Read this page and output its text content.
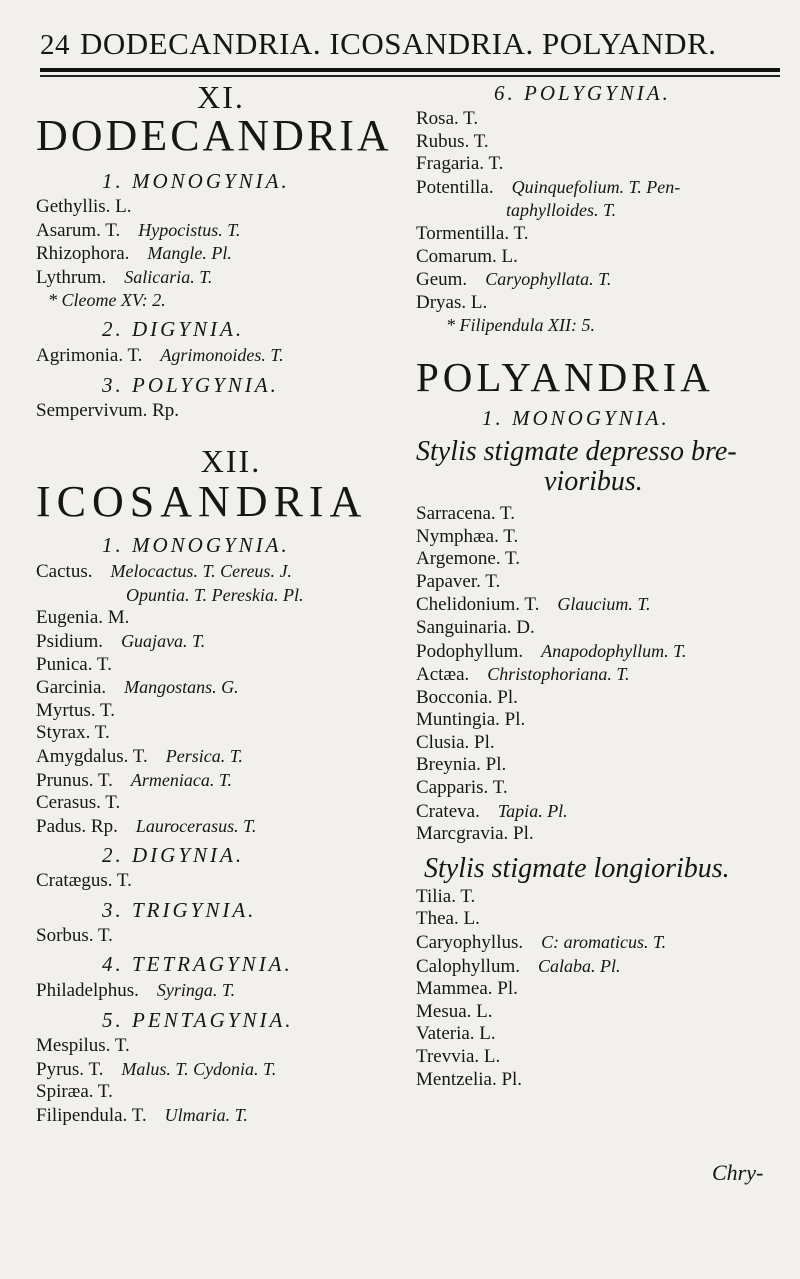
24 DODECANDRIA. ICOSANDRIA. POLYANDR.
XI.
DODECANDRIA
1. MONOGYNIA.
Gethyllis. L.
Asarum. T. Hypocistus. T.
Rhizophora. Mangle. Pl.
Lythrum. Salicaria. T.
* Cleome XV: 2.
2. DIGYNIA.
Agrimonia. T. Agrimonoides. T.
3. POLYGYNIA.
Sempervivum. Rp.
XII.
ICOSANDRIA
1. MONOGYNIA.
Cactus. Melocactus. T. Cereus. J.
Opuntia. T. Pereskia. Pl.
Eugenia. M.
Psidium. Guajava. T.
Punica. T.
Garcinia. Mangostans. G.
Myrtus. T.
Styrax. T.
Amygdalus. T. Persica. T.
Prunus. T. Armeniaca. T.
Cerasus. T.
Padus. Rp. Laurocerasus. T.
2. DIGYNIA.
Cratægus. T.
3. TRIGYNIA.
Sorbus. T.
4. TETRAGYNIA.
Philadelphus. Syringa. T.
5. PENTAGYNIA.
Mespilus. T.
Pyrus. T. Malus. T. Cydonia. T.
Spiræa. T.
Filipendula. T. Ulmaria. T.
6. POLYGYNIA.
Rosa. T.
Rubus. T.
Fragaria. T.
Potentilla. Quinquefolium. T. Pen-
taphylloides. T.
Tormentilla. T.
Comarum. L.
Geum. Caryophyllata. T.
Dryas. L.
* Filipendula XII: 5.
POLYANDRIA
1. MONOGYNIA.
Stylis stigmate depresso bre-
vioribus.
Sarracena. T.
Nymphæa. T.
Argemone. T.
Papaver. T.
Chelidonium. T. Glaucium. T.
Sanguinaria. D.
Podophyllum. Anapodophyllum. T.
Actæa. Christophoriana. T.
Bocconia. Pl.
Muntingia. Pl.
Clusia. Pl.
Breynia. Pl.
Capparis. T.
Crateva. Tapia. Pl.
Marcgravia. Pl.
Stylis stigmate longioribus.
Tilia. T.
Thea. L.
Caryophyllus. C: aromaticus. T.
Calophyllum. Calaba. Pl.
Mammea. Pl.
Mesua. L.
Vateria. L.
Trevvia. L.
Mentzelia. Pl.
Chry-
